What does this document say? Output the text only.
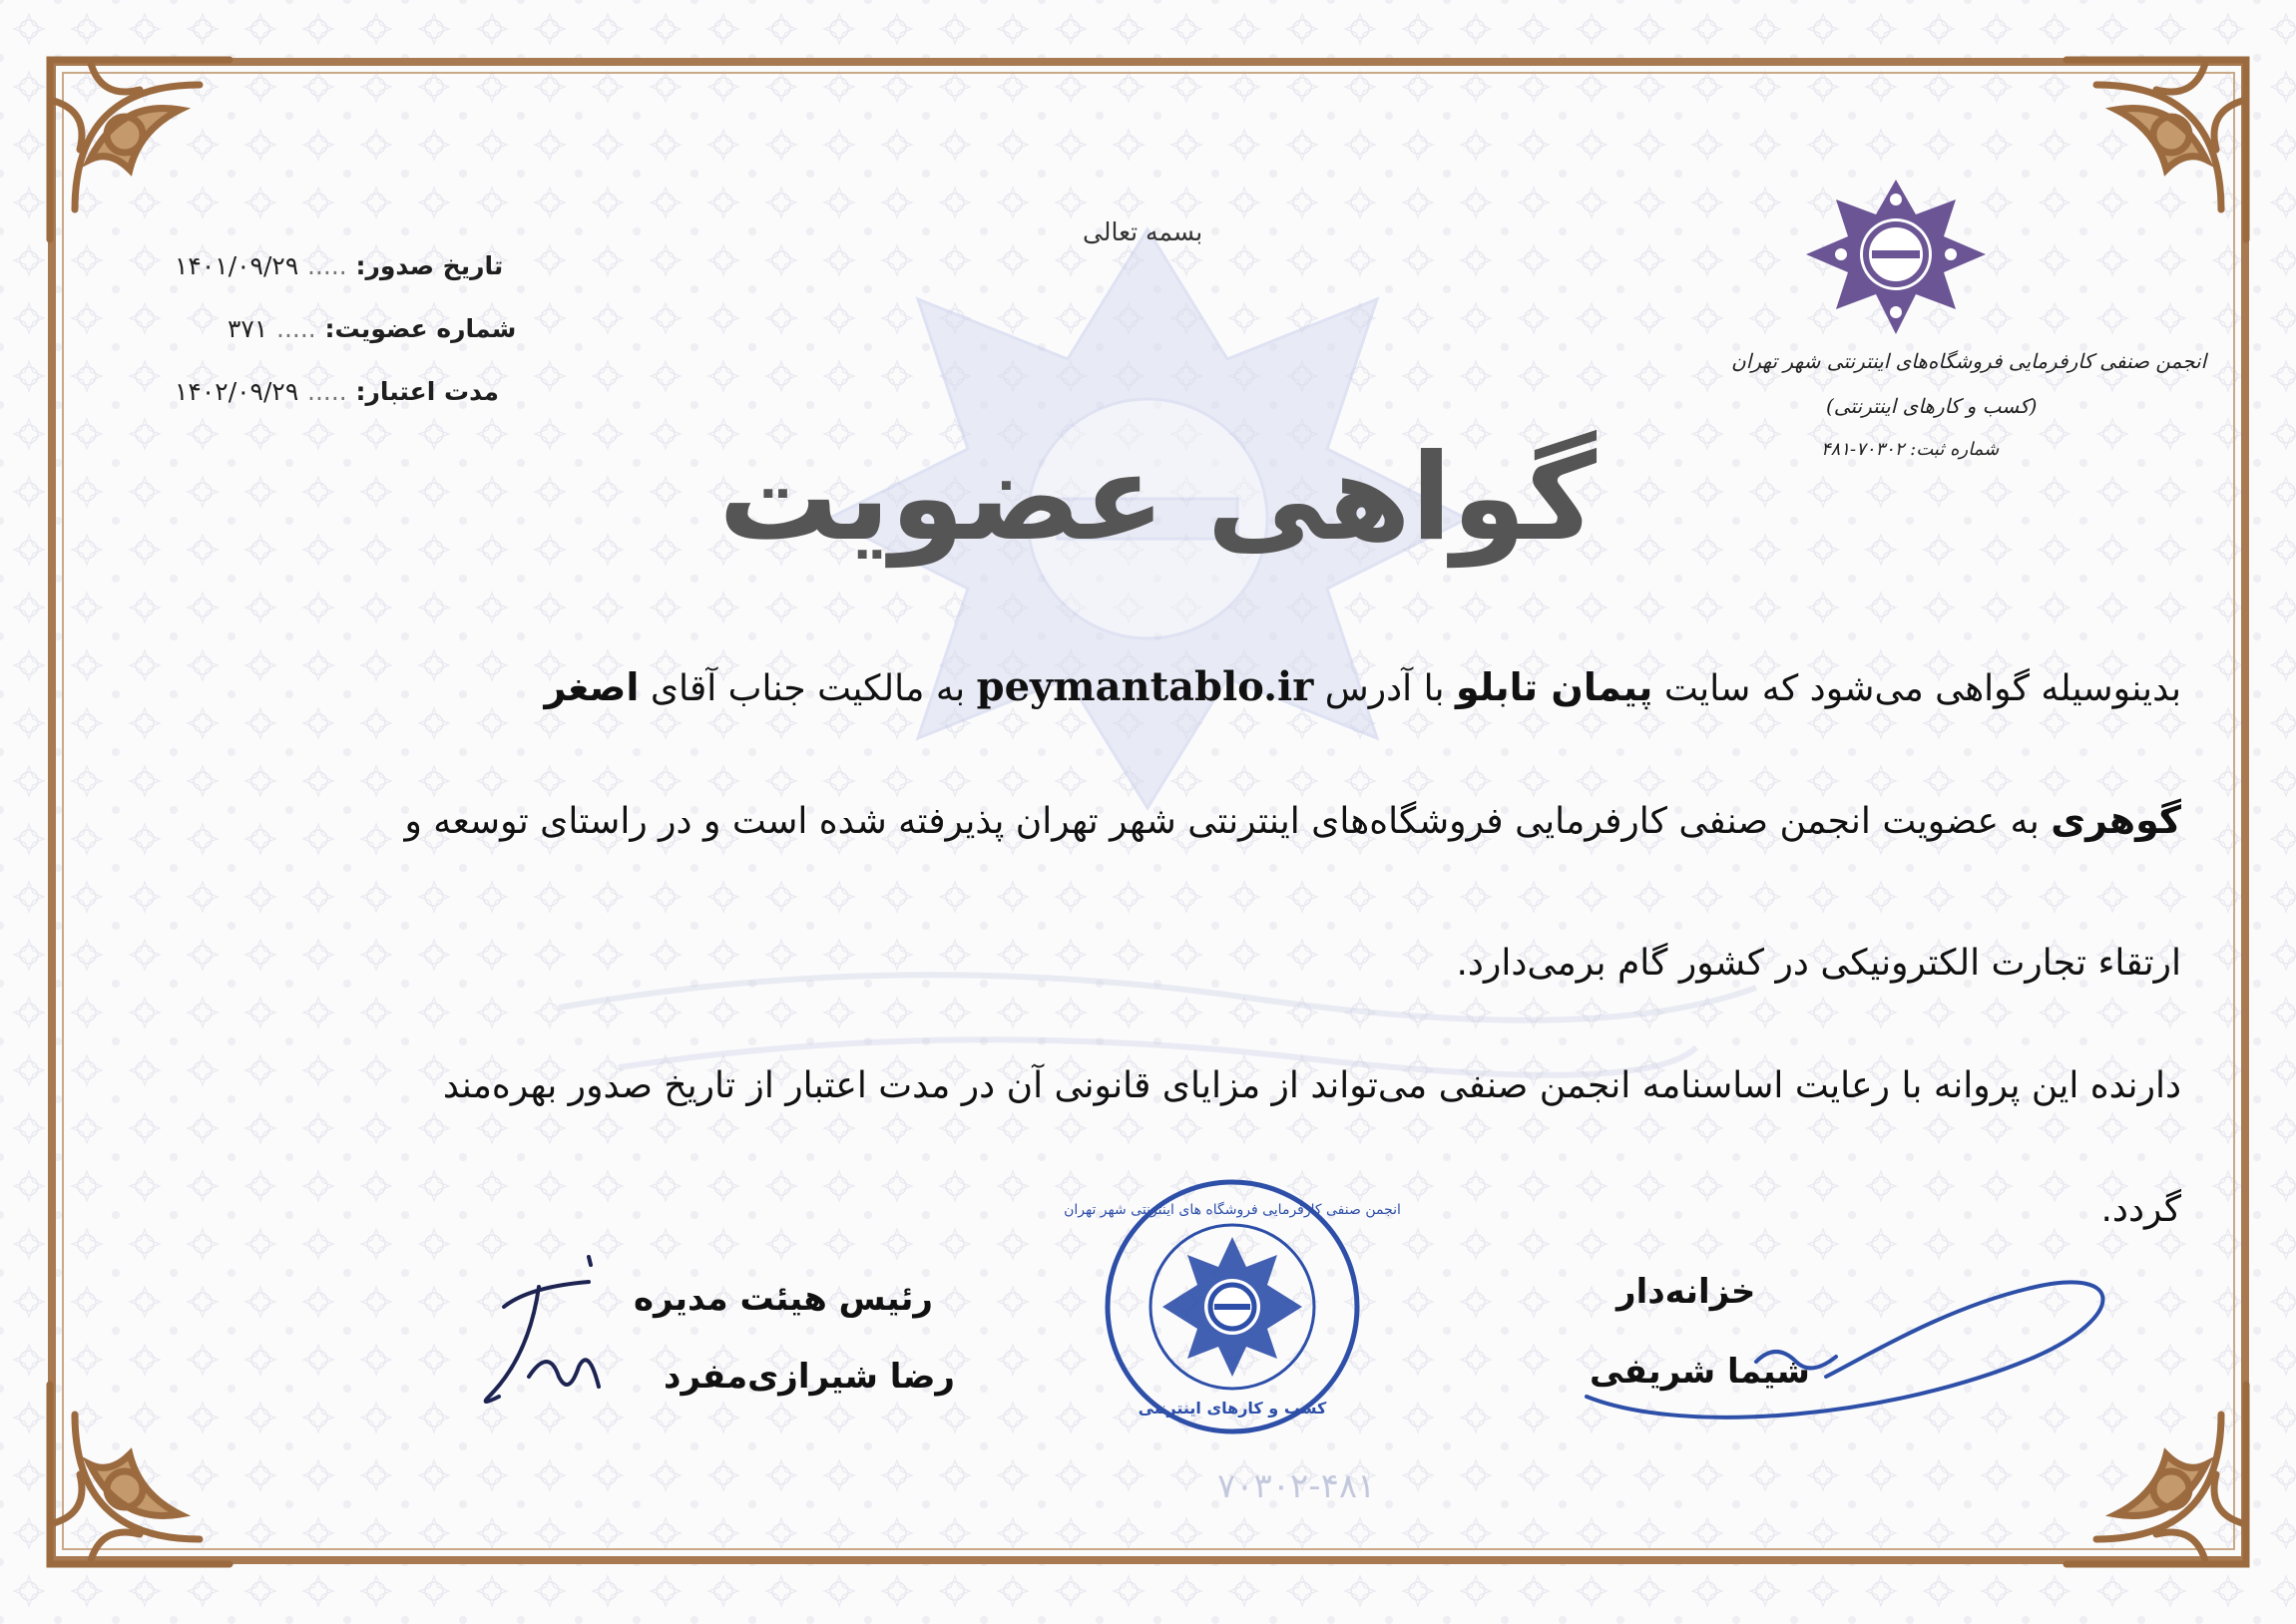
بسمه تعالی
تاریخ صدور: ..... ۱۴۰۱/۰۹/۲۹
شماره عضویت: ..... ۳۷۱
مدت اعتبار: ..... ۱۴۰۲/۰۹/۲۹
انجمن صنفی کارفرمایی فروشگاه‌های اینترنتی شهر تهران
(کسب و کارهای اینترنتی)
شماره ثبت: ۷۰۳۰۲-۴۸۱
گواهی عضویت
بدینوسیله گواهی می‌شود که سایت پیمان تابلو با آدرس peymantablo.ir به مالکیت جناب آقای اصغر
گوهری به عضویت انجمن صنفی کارفرمایی فروشگاه‌های اینترنتی شهر تهران پذیرفته شده است و در راستای توسعه و
ارتقاء تجارت الکترونیکی در کشور گام برمی‌دارد.
دارنده این پروانه با رعایت اساسنامه انجمن صنفی می‌تواند از مزایای قانونی آن در مدت اعتبار از تاریخ صدور بهره‌مند
گردد.
خزانه‌دار
شیما شریفی
رئیس هیئت مدیره
رضا شیرازی‌مفرد
کسب و کارهای اینترنتی
انجمن صنفی کارفرمایی فروشگاه های اینترنتی شهر تهران
۷۰۳۰۲-۴۸۱
